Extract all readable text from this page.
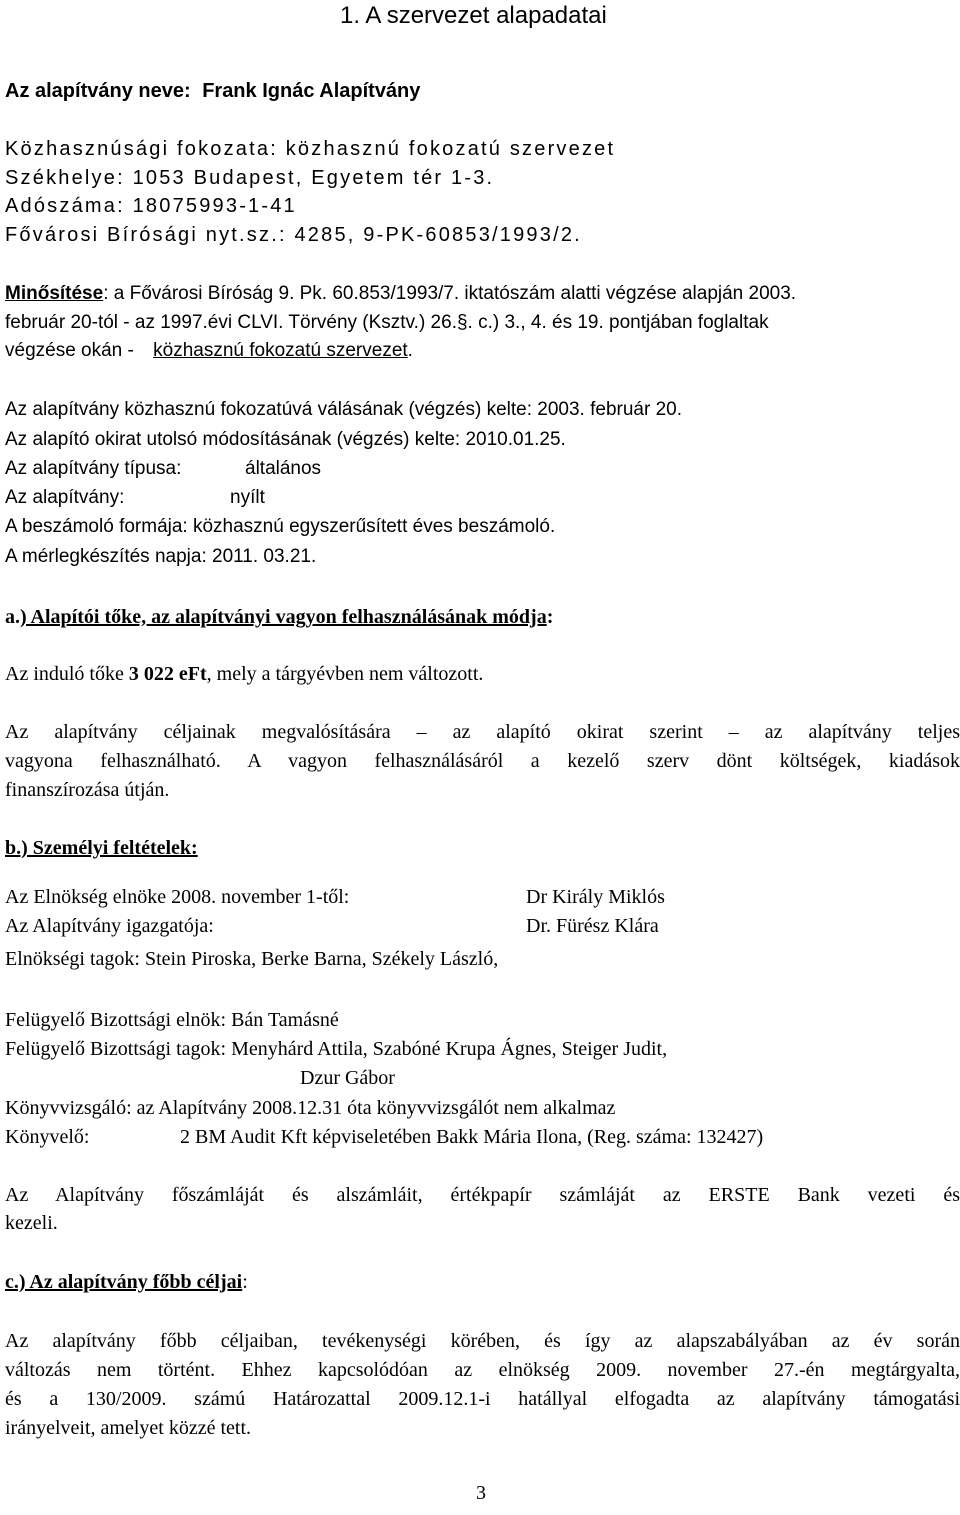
1. A szervezet alapadatai
Az alapítvány neve: Frank Ignác Alapítvány
Közhasznúsági fokozata: közhasznú fokozatú szervezet
Székhelye: 1053 Budapest, Egyetem tér 1-3.
Adószáma: 18075993-1-41
Fővárosi Bírósági nyt.sz.: 4285, 9-PK-60853/1993/2.
Minősítése: a Fővárosi Bíróság 9. Pk. 60.853/1993/7. iktatószám alatti végzése alapján 2003.
február 20-tól - az 1997.évi CLVI. Törvény (Ksztv.) 26.§. c.) 3., 4. és 19. pontjában foglaltak
végzése okán - közhasznú fokozatú szervezet.
Az alapítvány közhasznú fokozatúvá válásának (végzés) kelte: 2003. február 20.
Az alapító okirat utolsó módosításának (végzés) kelte: 2010.01.25.
Az alapítvány típusa:	általános
Az alapítvány:	nyílt
A beszámoló formája: közhasznú egyszerűsített éves beszámoló.
A mérlegkészítés napja: 2011. 03.21.
a.) Alapítói tőke, az alapítványi vagyon felhasználásának módja:
Az induló tőke 3 022 eFt, mely a tárgyévben nem változott.
Az alapítvány céljainak megvalósítására – az alapító okirat szerint – az alapítvány teljes
vagyona felhasználható. A vagyon felhasználásáról a kezelő szerv dönt költségek, kiadások
finanszírozása útján.
b.) Személyi feltételek:
Az Elnökség elnöke 2008. november 1-től:	Dr Király Miklós
Az Alapítvány igazgatója:	Dr. Fürész Klára
Elnökségi tagok: Stein Piroska, Berke Barna, Székely László,
Felügyelő Bizottsági elnök: Bán Tamásné
Felügyelő Bizottsági tagok: Menyhárd Attila, Szabóné Krupa Ágnes, Steiger Judit,
Dzur Gábor
Könyvvizsgáló: az Alapítvány 2008.12.31 óta könyvvizsgálót nem alkalmaz
Könyvelő:	2 BM Audit Kft képviseletében Bakk Mária Ilona, (Reg. száma: 132427)
Az Alapítvány főszámláját és alszámláit, értékpapír számláját az ERSTE Bank vezeti és
kezeli.
c.) Az alapítvány főbb céljai:
Az alapítvány főbb céljaiban, tevékenységi körében, és így az alapszabályában az év során
változás nem történt. Ehhez kapcsolódóan az elnökség 2009. november 27.-én megtárgyalta,
és a 130/2009. számú Határozattal 2009.12.1-i hatállyal elfogadta az alapítvány támogatási
irányelveit, amelyet közzé tett.
3
